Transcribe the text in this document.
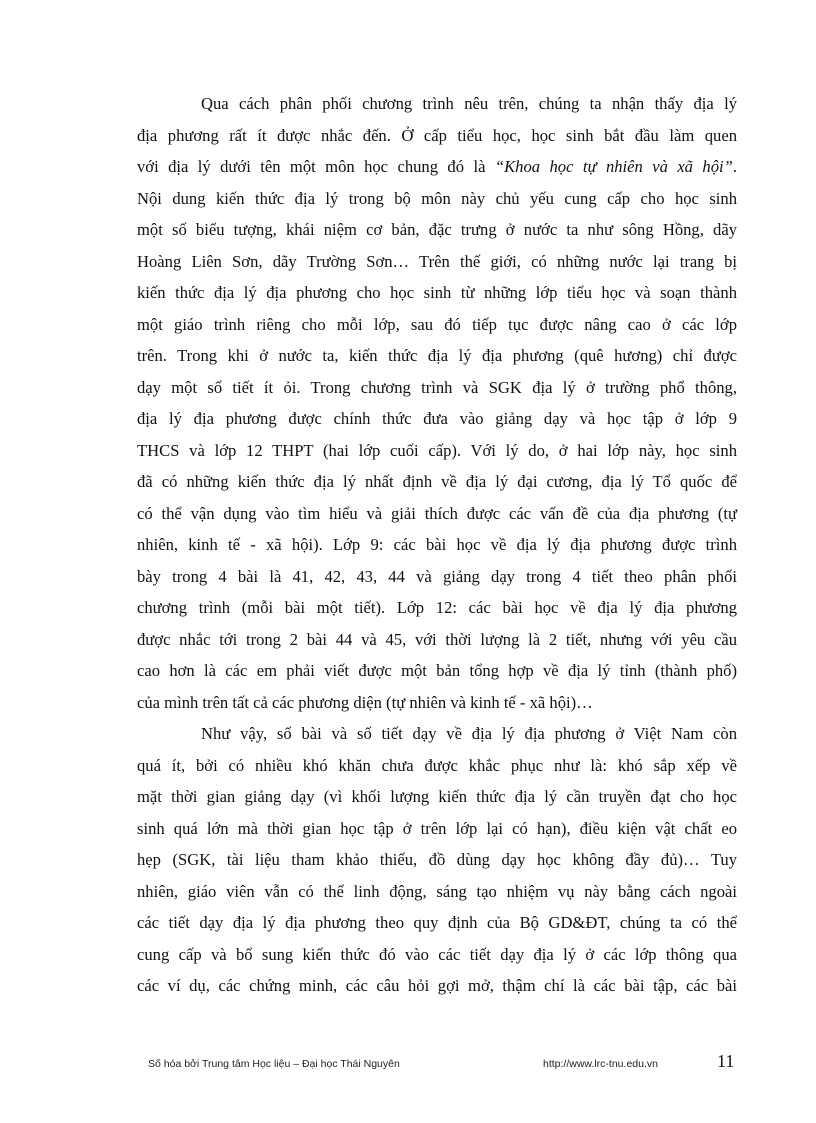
Qua cách phân phối chương trình nêu trên, chúng ta nhận thấy địa lý
địa phương rất ít được nhắc đến. Ở cấp tiểu học, học sinh bắt đầu làm quen
với địa lý dưới tên một môn học chung đó là “Khoa học tự nhiên và xã hội”.
Nội dung kiến thức địa lý trong bộ môn này chủ yếu cung cấp cho học sinh
một số biểu tượng, khái niệm cơ bản, đặc trưng ở nước ta như sông Hồng, dãy
Hoàng Liên Sơn, dãy Trường Sơn… Trên thế giới, có những nước lại trang bị
kiến thức địa lý địa phương cho học sinh từ những lớp tiểu học và soạn thành
một giáo trình riêng cho mỗi lớp, sau đó tiếp tục được nâng cao ở các lớp
trên. Trong khi ở nước ta, kiến thức địa lý địa phương (quê hương) chỉ được
dạy một số tiết ít ỏi. Trong chương trình và SGK địa lý ở trường phổ thông,
địa lý địa phương được chính thức đưa vào giảng dạy và học tập ở lớp 9
THCS và lớp 12 THPT (hai lớp cuối cấp). Với lý do, ở hai lớp này, học sinh
đã có những kiến thức địa lý nhất định về địa lý đại cương, địa lý Tổ quốc để
có thể vận dụng vào tìm hiểu và giải thích được các vấn đề của địa phương (tự
nhiên, kinh tế - xã hội). Lớp 9: các bài học về địa lý địa phương được trình
bày trong 4 bài là 41, 42, 43, 44 và giảng dạy trong 4 tiết theo phân phối
chương trình (mỗi bài một tiết). Lớp 12: các bài học về địa lý địa phương
được nhắc tới trong 2 bài 44 và 45, với thời lượng là 2 tiết, nhưng với yêu cầu
cao hơn là các em phải viết được một bản tổng hợp về địa lý tỉnh (thành phố)
của mình trên tất cả các phương diện (tự nhiên và kinh tế - xã hội)…
Như vậy, số bài và số tiết dạy về địa lý địa phương ở Việt Nam còn
quá ít, bởi có nhiều khó khăn chưa được khắc phục như là: khó sắp xếp về
mặt thời gian giảng dạy (vì khối lượng kiến thức địa lý cần truyền đạt cho học
sinh quá lớn mà thời gian học tập ở trên lớp lại có hạn), điều kiện vật chất eo
hẹp (SGK, tài liệu tham khảo thiếu, đồ dùng dạy học không đầy đủ)… Tuy
nhiên, giáo viên vẫn có thể linh động, sáng tạo nhiệm vụ này bằng cách ngoài
các tiết dạy địa lý địa phương theo quy định của Bộ GD&ĐT, chúng ta có thể
cung cấp và bổ sung kiến thức đó vào các tiết dạy địa lý ở các lớp thông qua
các ví dụ, các chứng minh, các câu hỏi gợi mở, thậm chí là các bài tập, các bài
Số hóa bởi Trung tâm Học liệu – Đại học Thái Nguyên	http://www.lrc-tnu.edu.vn	11
